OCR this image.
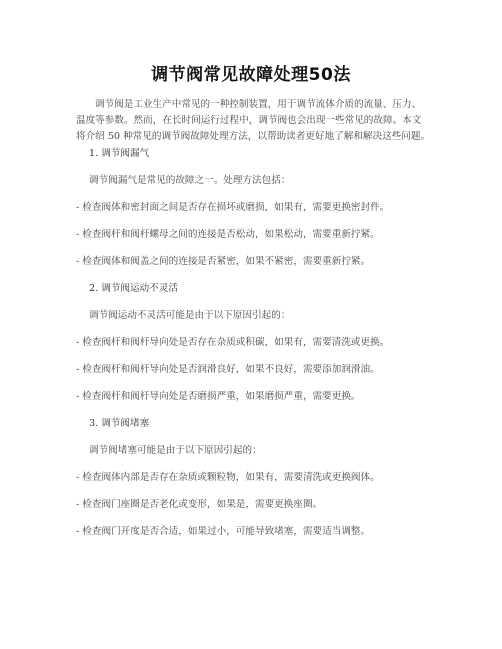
调节阀常见故障处理50法
调节阀是工业生产中常见的一种控制装置，用于调节流体介质的流量、压力、
温度等参数。然而，在长时间运行过程中，调节阀也会出现一些常见的故障。本文
将介绍 50 种常见的调节阀故障处理方法，以帮助读者更好地了解和解决这些问题。
1. 调节阀漏气
调节阀漏气是常见的故障之一。处理方法包括：
- 检查阀体和密封面之间是否存在损坏或磨损，如果有，需要更换密封件。
- 检查阀杆和阀杆螺母之间的连接是否松动，如果松动，需要重新拧紧。
- 检查阀体和阀盖之间的连接是否紧密，如果不紧密，需要重新拧紧。
2. 调节阀运动不灵活
调节阀运动不灵活可能是由于以下原因引起的：
- 检查阀杆和阀杆导向处是否存在杂质或积碳，如果有，需要清洗或更换。
- 检查阀杆和阀杆导向处是否润滑良好，如果不良好，需要添加润滑油。
- 检查阀杆和阀杆导向处是否磨损严重，如果磨损严重，需要更换。
3. 调节阀堵塞
调节阀堵塞可能是由于以下原因引起的：
- 检查阀体内部是否存在杂质或颗粒物，如果有，需要清洗或更换阀体。
- 检查阀门座圈是否老化或变形，如果是，需要更换座圈。
- 检查阀门开度是否合适，如果过小，可能导致堵塞，需要适当调整。
